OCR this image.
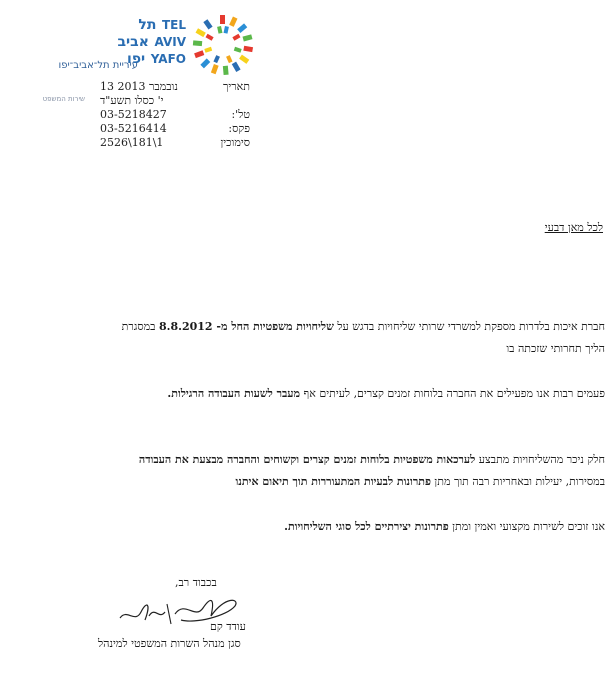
TEL תל
AVIV אביב
YAFO יפו
עיריית תל־אביב־יפו
שירות המשפט
13 נובמבר 2013	תאריך
י' כסלו תשע"ד
03-5218427	טל':
03-5216414	פקס:
2526\181\1	סימוכין
לכל מאן דבעי
חברת איכות בלדרות מספקת למשרדי שרותי שליחויות בדגש על שליחויות משפטיות החל מ- 8.8.2012 במסגרת
הליך תחרותי שזכתה בו
פעמים רבות אנו מפעילים את החברה בלוחות זמנים קצרים, לעיתים אף מעבר לשעות העבודה הרגילות.
חלק ניכר מהשליחויות מתבצע לערכאות משפטיות בלוחות זמנים קצרים וקשוחים והחברה מבצעת את העבודה
במסירות, יעילות ובאחריות רבה תוך מתן פתרונות לבעיות המתעוררות תוך תיאום איתנו
אנו זוכים לשירות מקצועי ואמין ומתן פתרונות יצירתיים לכל סוגי השליחויות.
בכבוד רב,
עודד קם
סגן מנהל השרות המשפטי למינהל
